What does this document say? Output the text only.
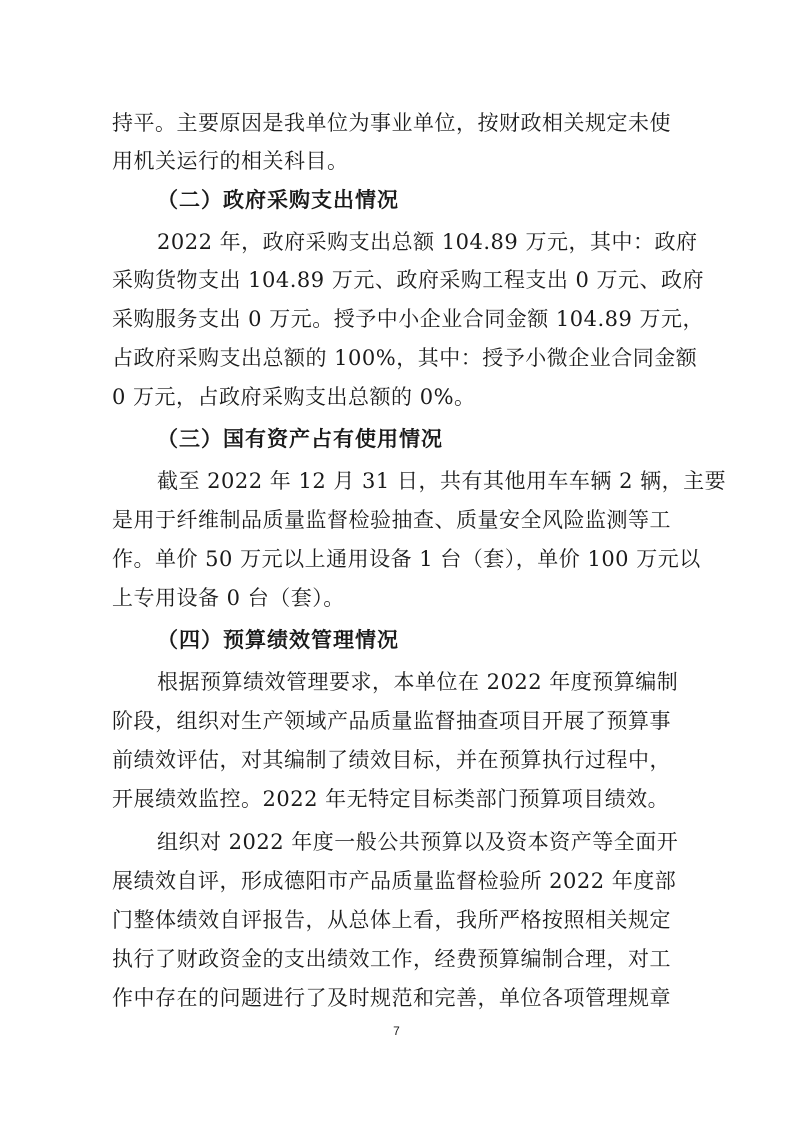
持平。主要原因是我单位为事业单位，按财政相关规定未使
用机关运行的相关科目。
（二）政府采购支出情况
2022 年，政府采购支出总额 104.89 万元，其中：政府
采购货物支出 104.89 万元、政府采购工程支出 0 万元、政府
采购服务支出 0 万元。授予中小企业合同金额 104.89 万元，
占政府采购支出总额的 100%，其中：授予小微企业合同金额
0 万元，占政府采购支出总额的 0%。
（三）国有资产占有使用情况
截至 2022 年 12 月 31 日，共有其他用车车辆 2 辆，主要
是用于纤维制品质量监督检验抽查、质量安全风险监测等工
作。单价 50 万元以上通用设备 1 台（套），单价 100 万元以
上专用设备 0 台（套）。
（四）预算绩效管理情况
根据预算绩效管理要求，本单位在 2022 年度预算编制
阶段，组织对生产领域产品质量监督抽查项目开展了预算事
前绩效评估，对其编制了绩效目标，并在预算执行过程中，
开展绩效监控。2022 年无特定目标类部门预算项目绩效。
组织对 2022 年度一般公共预算以及资本资产等全面开
展绩效自评，形成德阳市产品质量监督检验所 2022 年度部
门整体绩效自评报告，从总体上看，我所严格按照相关规定
执行了财政资金的支出绩效工作，经费预算编制合理，对工
作中存在的问题进行了及时规范和完善，单位各项管理规章
7
